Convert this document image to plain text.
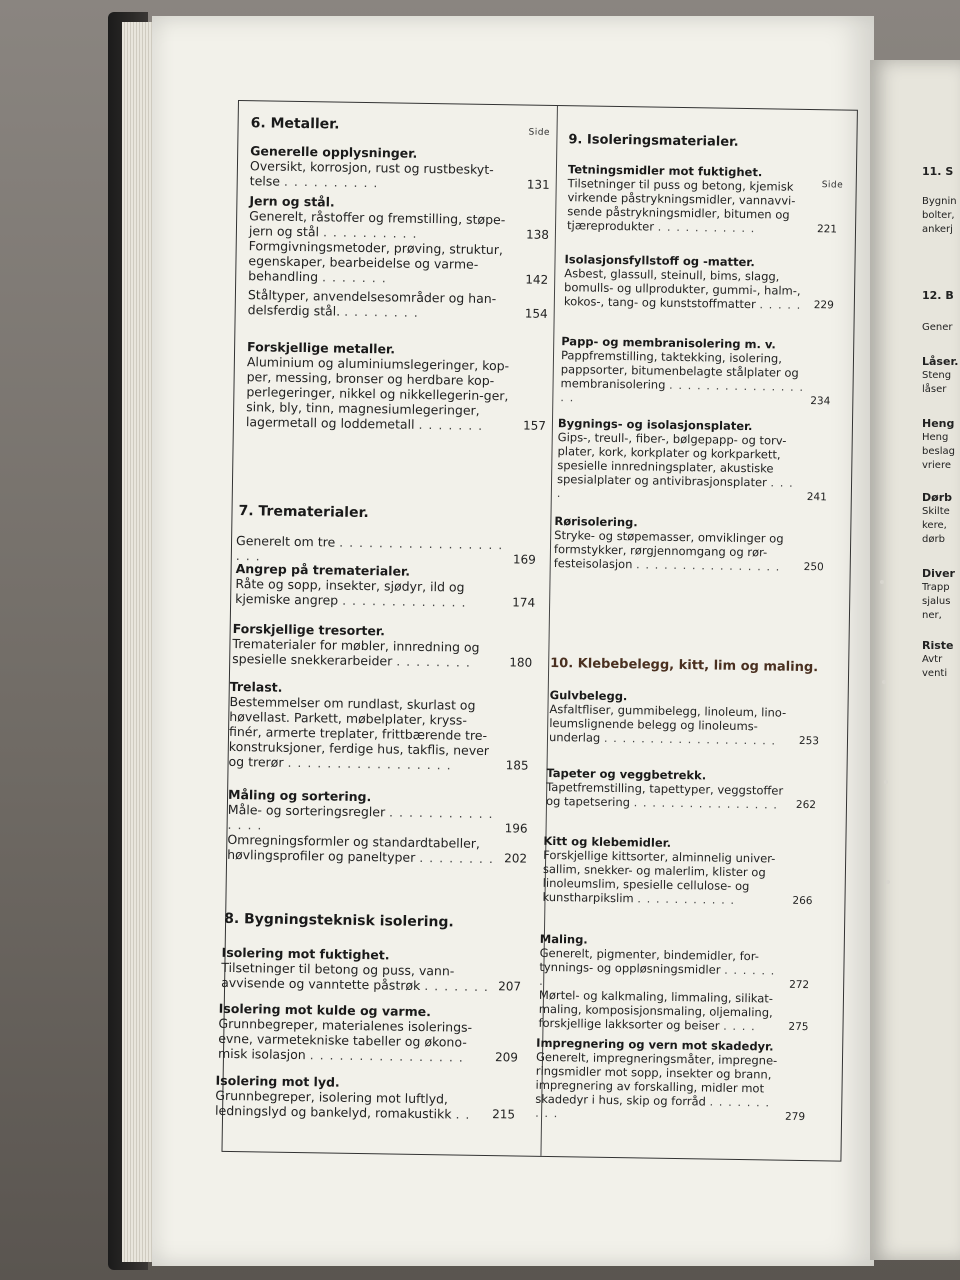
Side
6. Metaller.
Generelle opplysninger.
Oversikt, korrosjon, rust og rustbeskyt-telse . . . . . . . . . .	131
Jern og stål.
Generelt, råstoffer og fremstilling, støpe-jern og stål . . . . . . . . . .	138
Formgivningsmetoder, prøving, struktur, egenskaper, bearbeidelse og varme-behandling . . . . . . .	142
Ståltyper, anvendelsesområder og han-delsferdig stål. . . . . . . . .	154
Forskjellige metaller.
Aluminium og aluminiumslegeringer, kop-per, messing, bronser og herdbare kop-perlegeringer, nikkel og nikkellegerin-ger, sink, bly, tinn, magnesiumlegeringer, lagermetall og loddemetall . . . . . . .	157
7. Trematerialer.
Generelt om tre . . . . . . . . . . . . . . . . . . . .	169
Angrep på trematerialer.
Råte og sopp, insekter, sjødyr, ild og kjemiske angrep . . . . . . . . . . . . .	174
Forskjellige tresorter.
Trematerialer for møbler, innredning og spesielle snekkerarbeider . . . . . . . .	180
Trelast.
Bestemmelser om rundlast, skurlast og høvellast. Parkett, møbelplater, kryss-finér, armerte treplater, frittbærende tre-konstruksjoner, ferdige hus, takflis, never og trerør . . . . . . . . . . . . . . . . .	185
Måling og sortering.
Måle- og sorteringsregler . . . . . . . . . . . . . . .	196
Omregningsformler og standardtabeller, høvlingsprofiler og paneltyper . . . . . . . . 202
8. Bygningsteknisk isolering.
Isolering mot fuktighet.
Tilsetninger til betong og puss, vann-avvisende og vanntette påstrøk . . . . . . . 207
Isolering mot kulde og varme.
Grunnbegreper, materialenes isolerings-evne, varmetekniske tabeller og økono-misk isolasjon . . . . . . . . . . . . . . . .	209
Isolering mot lyd.
Grunnbegreper, isolering mot luftlyd, ledningslyd og bankelyd, romakustikk . . 215
9. Isoleringsmaterialer.
Side
Tetningsmidler mot fuktighet.
Tilsetninger til puss og betong, kjemisk virkende påstrykningsmidler, vannavvi-sende påstrykningsmidler, bitumen og tjæreprodukter . . . . . . . . . . .	221
Isolasjonsfyllstoff og -matter.
Asbest, glassull, steinull, bims, slagg, bomulls- og ullprodukter, gummi-, halm-, kokos-, tang- og kunststoffmatter . . . . . 229
Papp- og membranisolering m. v.
Pappfremstilling, taktekking, isolering, pappsorter, bitumenbelagte stålplater og membranisolering . . . . . . . . . . . . . . . . .	234
Bygnings- og isolasjonsplater.
Gips-, treull-, fiber-, bølgepapp- og torv-plater, kork, korkplater og korkparkett, spesielle innredningsplater, akustiske spesialplater og antivibrasjonsplater . . . .	241
Rørisolering.
Stryke- og støpemasser, omviklinger og formstykker, rørgjennomgang og rør-festeisolasjon . . . . . . . . . . . . . . . . 250
10. Klebebelegg, kitt, lim og maling.
Gulvbelegg.
Asfaltfliser, gummibelegg, linoleum, lino-leumslignende belegg og linoleums-underlag . . . . . . . . . . . . . . . . . . . 253
Tapeter og veggbetrekk.
Tapetfremstilling, tapettyper, veggstoffer og tapetsering . . . . . . . . . . . . . . . . 262
Kitt og klebemidler.
Forskjellige kittsorter, alminnelig univer-sallim, snekker- og malerlim, klister og linoleumslim, spesielle cellulose- og kunstharpikslim . . . . . . . . . . .	266
Maling.
Generelt, pigmenter, bindemidler, for-tynnings- og oppløsningsmidler . . . . . . .	272
Mørtel- og kalkmaling, limmaling, silikat-maling, komposisjonsmaling, oljemaling, forskjellige lakksorter og beiser . . . .	275
Impregnering og vern mot skadedyr.
Generelt, impregneringsmåter, impregne-ringsmidler mot sopp, insekter og brann, impregnering av forskalling, midler mot skadedyr i hus, skip og forråd . . . . . . . . . .	279
11. S
Bygnin
bolter,
ankerj
12. B
Gener
Låser.
Steng
låser
Heng
Heng
beslag
vriere
Dørb
Skilte
kere,
dørb
Diver
Trapp
sjalus
ner,
Riste
Avtr
venti
